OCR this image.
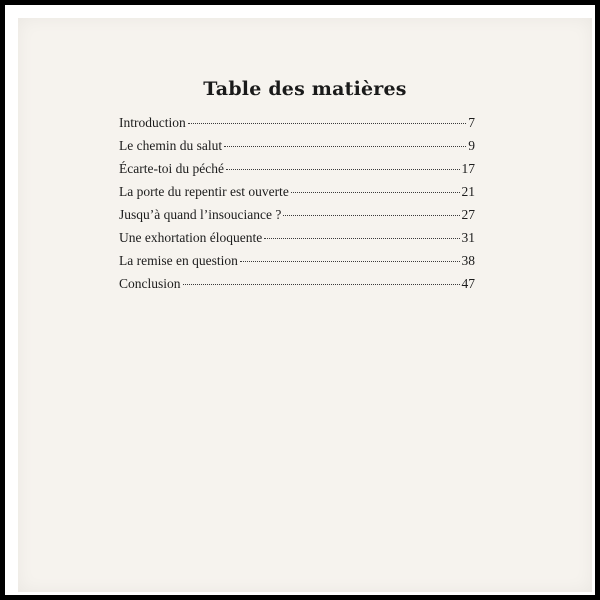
Table des matières
Introduction	7
Le chemin du salut	9
Écarte-toi du péché	17
La porte du repentir est ouverte	21
Jusqu’à quand l’insouciance ?	27
Une exhortation éloquente	31
La remise en question	38
Conclusion	47
